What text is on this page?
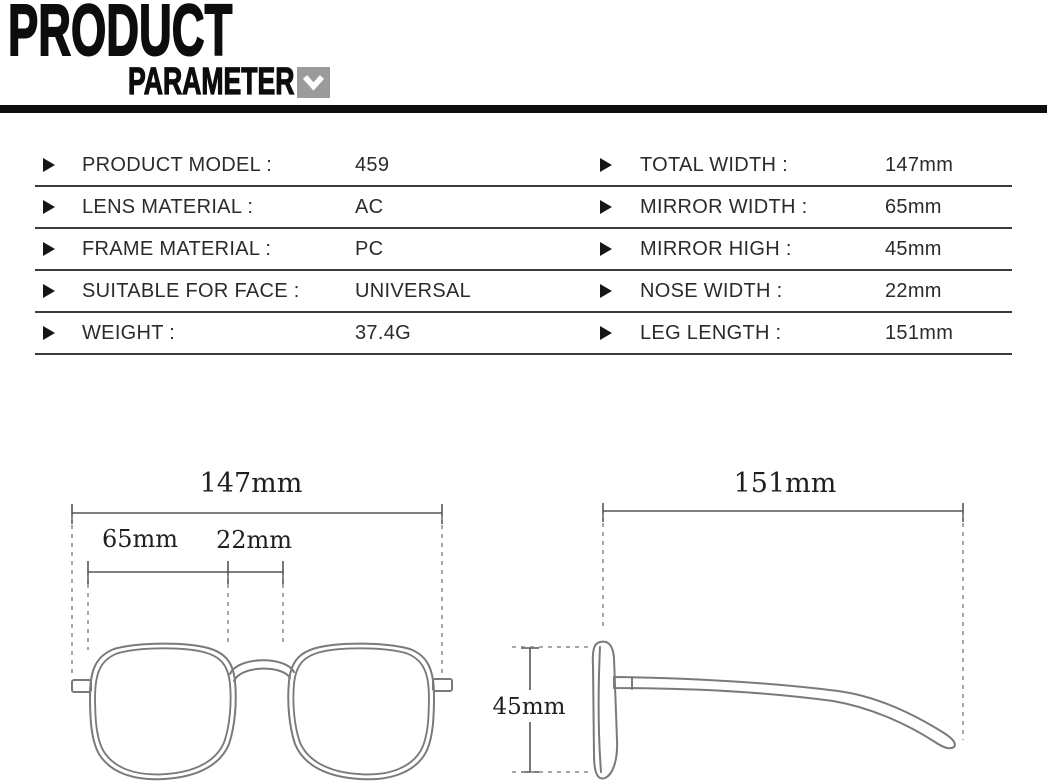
PRODUCT
PARAMETER
PRODUCT MODEL :	459	TOTAL WIDTH :	147mm
LENS MATERIAL :	AC	MIRROR WIDTH :	65mm
FRAME MATERIAL :	PC	MIRROR HIGH :	45mm
SUITABLE FOR FACE :	UNIVERSAL	NOSE WIDTH :	22mm
WEIGHT :	37.4G	LEG LENGTH :	151mm
147mm
65mm 22mm
151mm
45mm
